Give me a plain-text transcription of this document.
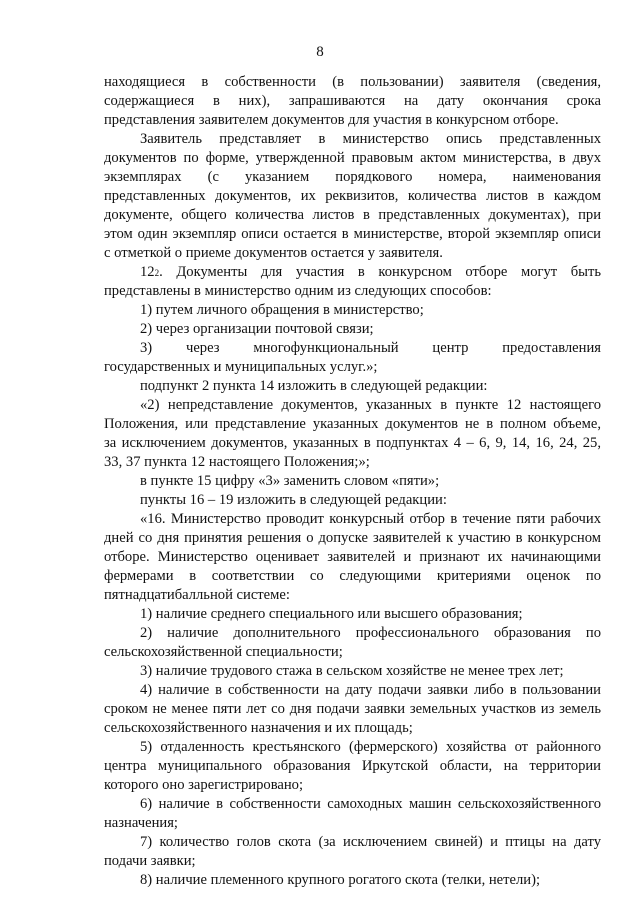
8
находящиеся в собственности (в пользовании) заявителя (сведения,
содержащиеся в них), запрашиваются на дату окончания срока
представления заявителем документов для участия в конкурсном отборе.
Заявитель представляет в министерство опись представленных
документов по форме, утвержденной правовым актом министерства, в двух
экземплярах (с указанием порядкового номера, наименования
представленных документов, их реквизитов, количества листов в каждом
документе, общего количества листов в представленных документах), при
этом один экземпляр описи остается в министерстве, второй экземпляр описи
с отметкой о приеме документов остается у заявителя.
12 2 . Документы для участия в конкурсном отборе могут быть
представлены в министерство одним из следующих способов:
1) путем личного обращения в министерство;
2) через организации почтовой связи;
3) через многофункциональный центр предоставления
государственных и муниципальных услуг.»;
подпункт 2 пункта 14 изложить в следующей редакции:
«2) непредставление документов, указанных в пункте 12 настоящего
Положения, или представление указанных документов не в полном объеме,
за исключением документов, указанных в подпунктах 4 – 6, 9, 14, 16, 24, 25,
33, 37 пункта 12 настоящего Положения;»;
в пункте 15 цифру «3» заменить словом «пяти»;
пункты 16 – 19 изложить в следующей редакции:
«16. Министерство проводит конкурсный отбор в течение пяти рабочих
дней со дня принятия решения о допуске заявителей к участию в конкурсном
отборе. Министерство оценивает заявителей и признают их начинающими
фермерами в соответствии со следующими критериями оценок по
пятнадцатибалльной системе:
1) наличие среднего специального или высшего образования;
2) наличие дополнительного профессионального образования по
сельскохозяйственной специальности;
3) наличие трудового стажа в сельском хозяйстве не менее трех лет;
4) наличие в собственности на дату подачи заявки либо в пользовании
сроком не менее пяти лет со дня подачи заявки земельных участков из земель
сельскохозяйственного назначения и их площадь;
5) отдаленность крестьянского (фермерского) хозяйства от районного
центра муниципального образования Иркутской области, на территории
которого оно зарегистрировано;
6) наличие в собственности самоходных машин сельскохозяйственного
назначения;
7) количество голов скота (за исключением свиней) и птицы на дату
подачи заявки;
8) наличие племенного крупного рогатого скота (телки, нетели);
